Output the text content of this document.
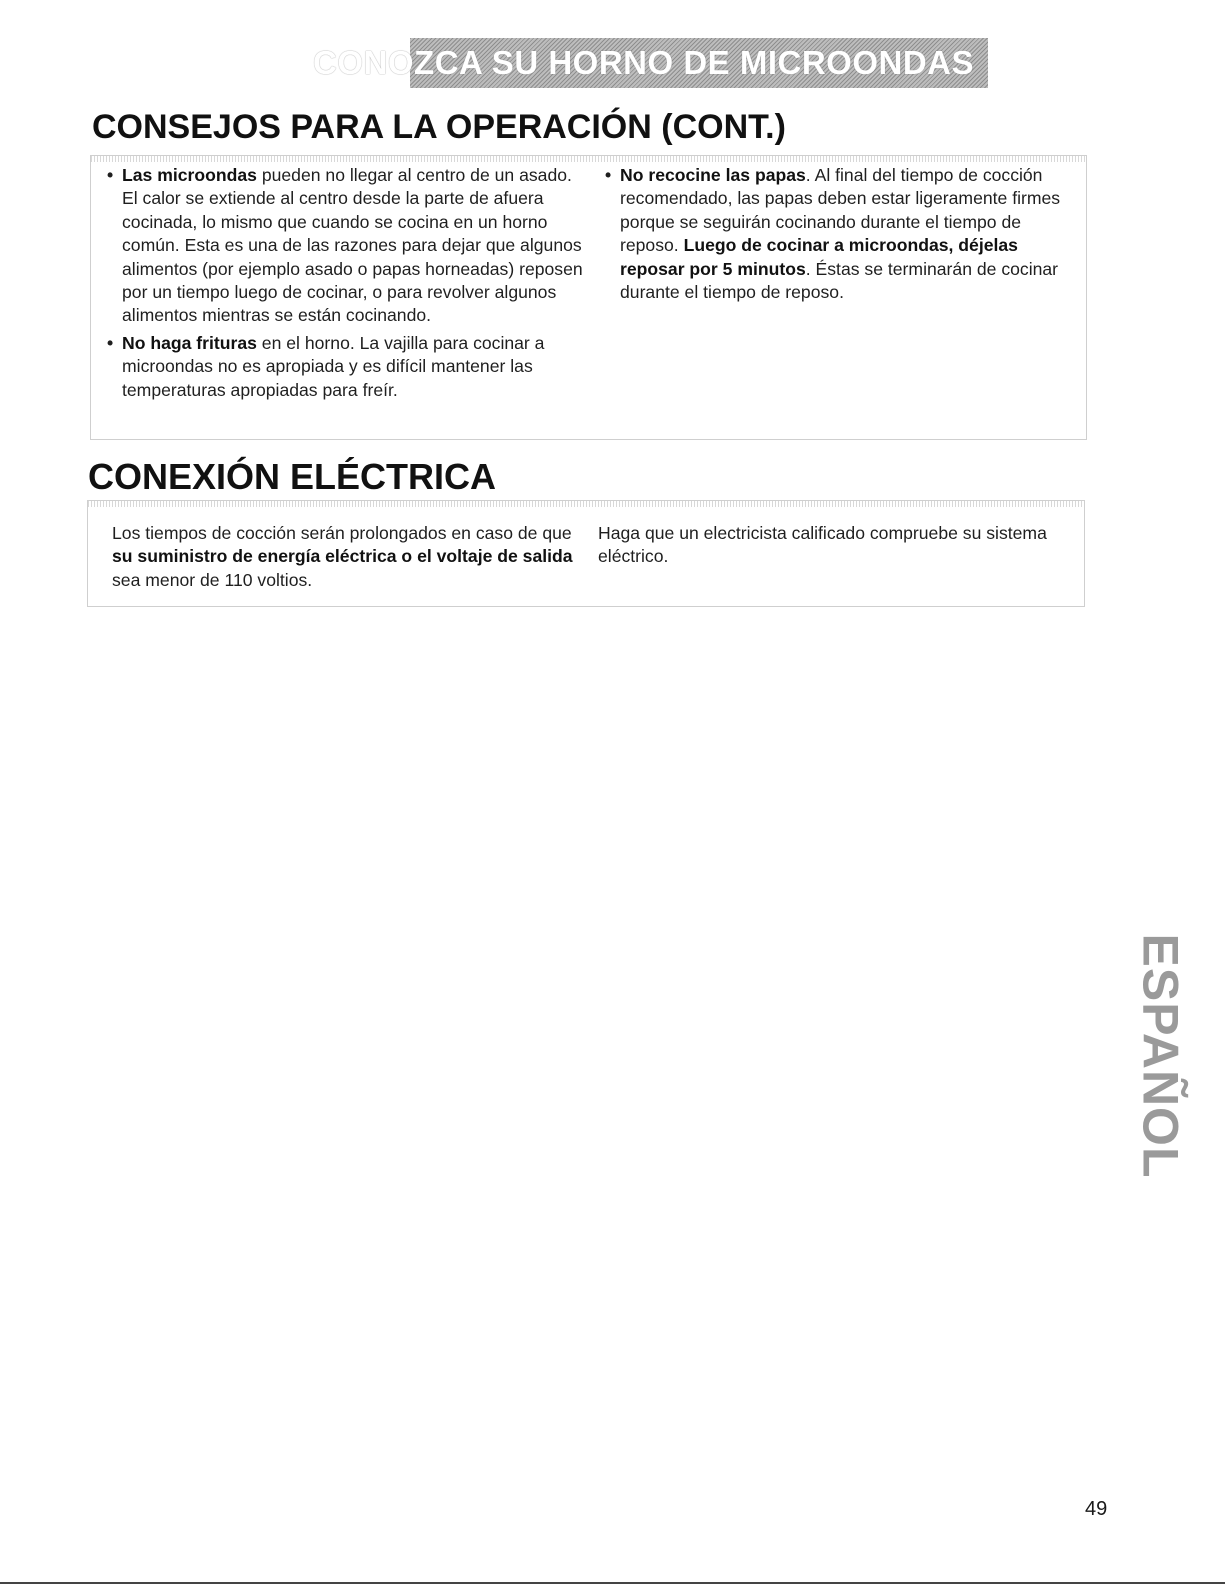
CONOZCA SU HORNO DE MICROONDAS
CONSEJOS PARA LA OPERACIÓN (CONT.)

• Las microondas pueden no llegar al centro de un asado. El calor se extiende al centro desde la parte de afuera cocinada, lo mismo que cuando se cocina en un horno común. Esta es una de las razones para dejar que algunos alimentos (por ejemplo asado o papas horneadas) reposen por un tiempo luego de cocinar, o para revolver algunos alimentos mientras se están cocinando.

• No haga frituras en el horno. La vajilla para cocinar a microondas no es apropiada y es difícil mantener las temperaturas apropiadas para freír.

• No recocine las papas. Al final del tiempo de cocción recomendado, las papas deben estar ligeramente firmes porque se seguirán cocinando durante el tiempo de reposo. Luego de cocinar a microondas, déjelas reposar por 5 minutos. Éstas se terminarán de cocinar durante el tiempo de reposo.

CONEXIÓN ELÉCTRICA

Los tiempos de cocción serán prolongados en caso de que su suministro de energía eléctrica o el voltaje de salida sea menor de 110 voltios.

Haga que un electricista calificado compruebe su sistema eléctrico.

ESPAÑOL
49
